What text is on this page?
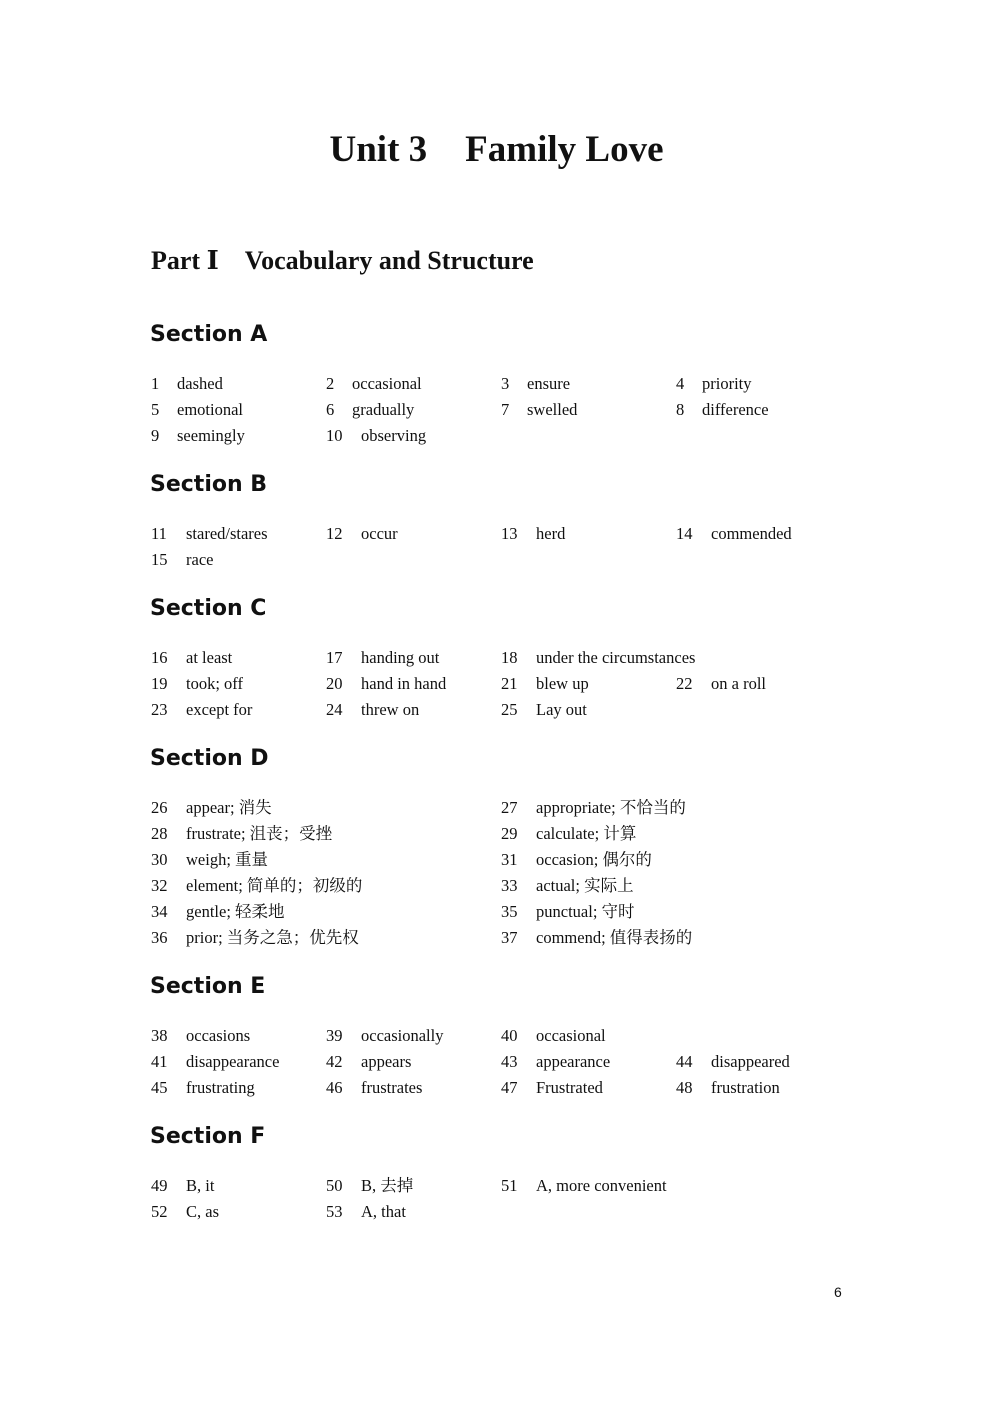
Unit 3 Family Love
Part Ⅰ Vocabulary and Structure
Section A
1 dashed	2 occasional	3 ensure	4 priority
5 emotional	6 gradually	7 swelled	8 difference
9 seemingly	10 observing
Section B
11 stared/stares	12 occur	13 herd	14 commended
15 race
Section C
16 at least	17 handing out	18 under the circumstances
19 took; off	20 hand in hand	21 blew up	22 on a roll
23 except for	24 threw on	25 Lay out
Section D
26 appear; 消失	27 appropriate; 不恰当的
28 frustrate; 沮丧；受挫	29 calculate; 计算
30 weigh; 重量	31 occasion; 偶尔的
32 element; 简单的；初级的	33 actual; 实际上
34 gentle; 轻柔地	35 punctual; 守时
36 prior; 当务之急；优先权	37 commend; 值得表扬的
Section E
38 occasions	39 occasionally	40 occasional
41 disappearance	42 appears	43 appearance	44 disappeared
45 frustrating	46 frustrates	47 Frustrated	48 frustration
Section F
49 B, it	50 B, 去掉	51 A, more convenient
52 C, as	53 A, that
6
